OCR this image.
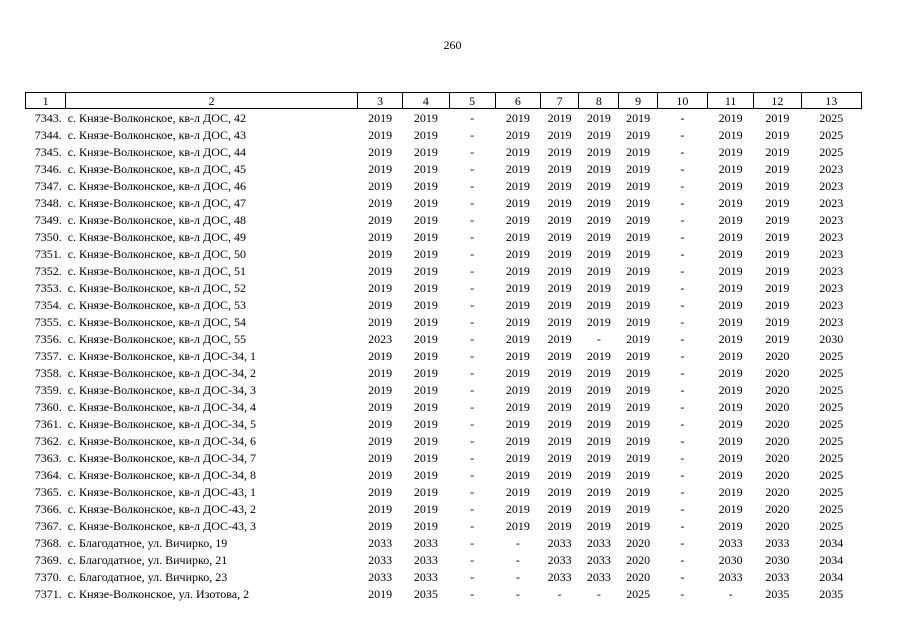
260
1	2	3	4	5	6	7	8	9	10	11	12	13
7343.	с. Князе-Волконское, кв-л ДОС, 42	2019	2019	-	2019	2019	2019	2019	-	2019	2019	2025
7344.	с. Князе-Волконское, кв-л ДОС, 43	2019	2019	-	2019	2019	2019	2019	-	2019	2019	2025
7345.	с. Князе-Волконское, кв-л ДОС, 44	2019	2019	-	2019	2019	2019	2019	-	2019	2019	2025
7346.	с. Князе-Волконское, кв-л ДОС, 45	2019	2019	-	2019	2019	2019	2019	-	2019	2019	2023
7347.	с. Князе-Волконское, кв-л ДОС, 46	2019	2019	-	2019	2019	2019	2019	-	2019	2019	2023
7348.	с. Князе-Волконское, кв-л ДОС, 47	2019	2019	-	2019	2019	2019	2019	-	2019	2019	2023
7349.	с. Князе-Волконское, кв-л ДОС, 48	2019	2019	-	2019	2019	2019	2019	-	2019	2019	2023
7350.	с. Князе-Волконское, кв-л ДОС, 49	2019	2019	-	2019	2019	2019	2019	-	2019	2019	2023
7351.	с. Князе-Волконское, кв-л ДОС, 50	2019	2019	-	2019	2019	2019	2019	-	2019	2019	2023
7352.	с. Князе-Волконское, кв-л ДОС, 51	2019	2019	-	2019	2019	2019	2019	-	2019	2019	2023
7353.	с. Князе-Волконское, кв-л ДОС, 52	2019	2019	-	2019	2019	2019	2019	-	2019	2019	2023
7354.	с. Князе-Волконское, кв-л ДОС, 53	2019	2019	-	2019	2019	2019	2019	-	2019	2019	2023
7355.	с. Князе-Волконское, кв-л ДОС, 54	2019	2019	-	2019	2019	2019	2019	-	2019	2019	2023
7356.	с. Князе-Волконское, кв-л ДОС, 55	2023	2019	-	2019	2019	-	2019	-	2019	2019	2030
7357.	с. Князе-Волконское, кв-л ДОС-34, 1	2019	2019	-	2019	2019	2019	2019	-	2019	2020	2025
7358.	с. Князе-Волконское, кв-л ДОС-34, 2	2019	2019	-	2019	2019	2019	2019	-	2019	2020	2025
7359.	с. Князе-Волконское, кв-л ДОС-34, 3	2019	2019	-	2019	2019	2019	2019	-	2019	2020	2025
7360.	с. Князе-Волконское, кв-л ДОС-34, 4	2019	2019	-	2019	2019	2019	2019	-	2019	2020	2025
7361.	с. Князе-Волконское, кв-л ДОС-34, 5	2019	2019	-	2019	2019	2019	2019	-	2019	2020	2025
7362.	с. Князе-Волконское, кв-л ДОС-34, 6	2019	2019	-	2019	2019	2019	2019	-	2019	2020	2025
7363.	с. Князе-Волконское, кв-л ДОС-34, 7	2019	2019	-	2019	2019	2019	2019	-	2019	2020	2025
7364.	с. Князе-Волконское, кв-л ДОС-34, 8	2019	2019	-	2019	2019	2019	2019	-	2019	2020	2025
7365.	с. Князе-Волконское, кв-л ДОС-43, 1	2019	2019	-	2019	2019	2019	2019	-	2019	2020	2025
7366.	с. Князе-Волконское, кв-л ДОС-43, 2	2019	2019	-	2019	2019	2019	2019	-	2019	2020	2025
7367.	с. Князе-Волконское, кв-л ДОС-43, 3	2019	2019	-	2019	2019	2019	2019	-	2019	2020	2025
7368.	с. Благодатное, ул. Вичирко, 19	2033	2033	-	-	2033	2033	2020	-	2033	2033	2034
7369.	с. Благодатное, ул. Вичирко, 21	2033	2033	-	-	2033	2033	2020	-	2030	2030	2034
7370.	с. Благодатное, ул. Вичирко, 23	2033	2033	-	-	2033	2033	2020	-	2033	2033	2034
7371.	с. Князе-Волконское, ул. Изотова, 2	2019	2035	-	-	-	-	2025	-	-	2035	2035
